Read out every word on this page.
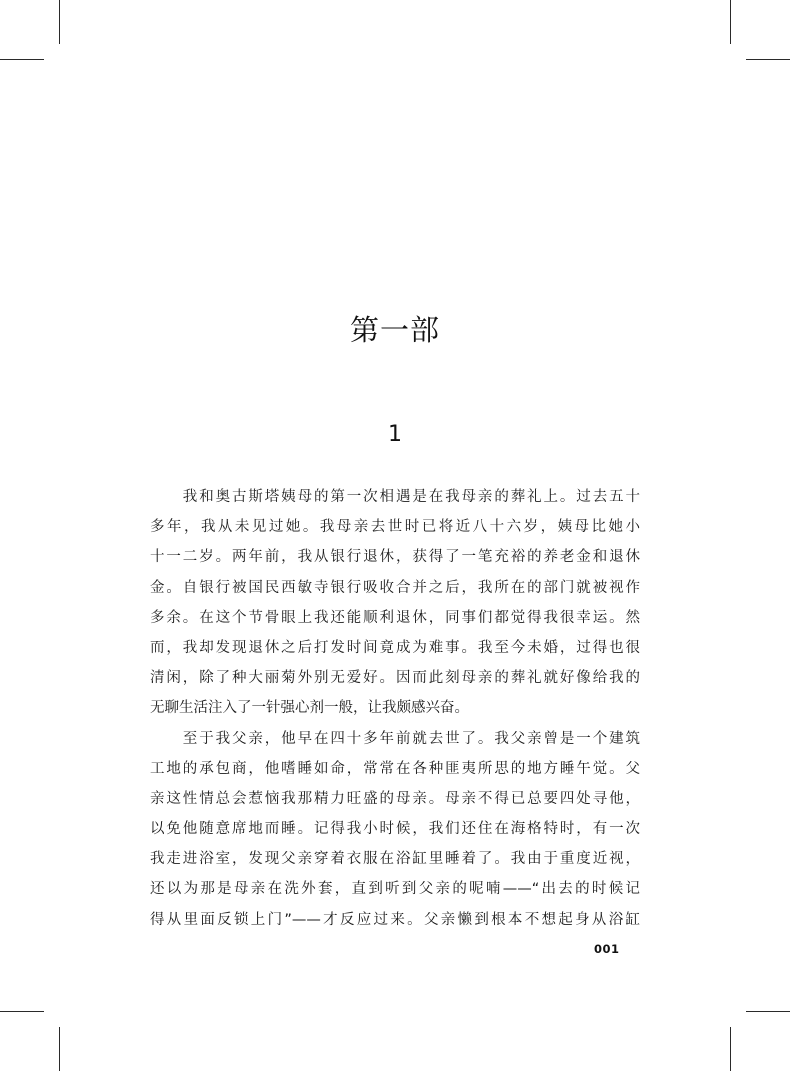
第一部
1
　　我和奥古斯塔姨母的第一次相遇是在我母亲的葬礼上。过去五十
多年，我从未见过她。我母亲去世时已将近八十六岁，姨母比她小
十一二岁。两年前，我从银行退休，获得了一笔充裕的养老金和退休
金。自银行被国民西敏寺银行吸收合并之后，我所在的部门就被视作
多余。在这个节骨眼上我还能顺利退休，同事们都觉得我很幸运。然
而，我却发现退休之后打发时间竟成为难事。我至今未婚，过得也很
清闲，除了种大丽菊外别无爱好。因而此刻母亲的葬礼就好像给我的
无聊生活注入了一针强心剂一般，让我颇感兴奋。
　　至于我父亲，他早在四十多年前就去世了。我父亲曾是一个建筑
工地的承包商，他嗜睡如命，常常在各种匪夷所思的地方睡午觉。父
亲这性情总会惹恼我那精力旺盛的母亲。母亲不得已总要四处寻他，
以免他随意席地而睡。记得我小时候，我们还住在海格特时，有一次
我走进浴室，发现父亲穿着衣服在浴缸里睡着了。我由于重度近视，
还以为那是母亲在洗外套，直到听到父亲的呢喃——“出去的时候记
得从里面反锁上门”——才反应过来。父亲懒到根本不想起身从浴缸
001
